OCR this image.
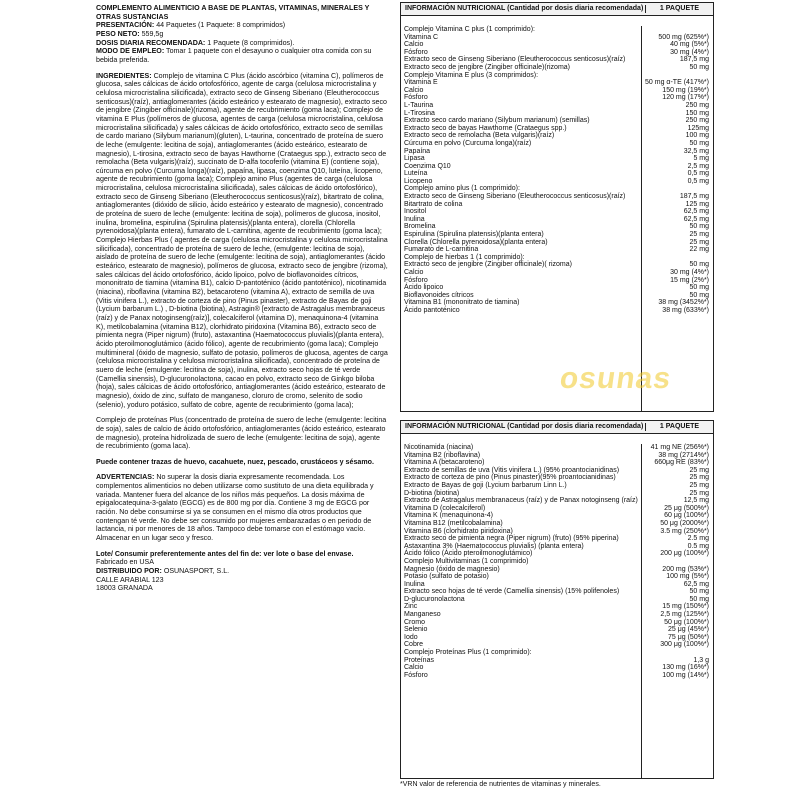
COMPLEMENTO ALIMENTICIO A BASE DE PLANTAS, VITAMINAS, MINERALES Y OTRAS SUSTANCIAS

PRESENTACIÓN: 44 Paquetes (1 Paquete: 8 comprimidos)

PESO NETO: 559,5g

DOSIS DIARIA RECOMENDADA: 1 Paquete (8 comprimidos).

MODO DE EMPLEO: Tomar 1 paquete con el desayuno o cualquier otra comida con su bebida preferida.

INGREDIENTES: Complejo de vitamina C Plus (ácido ascórbico (vitamina C), polímeros de glucosa, sales cálcicas de ácido ortofosfórico, agente de carga (celulosa microcristalina y celulosa microcristalina silicificada), extracto seco de Ginseng Siberiano (Eleutherococcus senticosus)(raíz), antiaglomerantes (ácido esteárico y estearato de magnesio), extracto seco de jengibre (Zingiber officinale)(rizoma), agente de recubrimiento (goma laca); Complejo de vitamina E Plus (polímeros de glucosa, agentes de carga (celulosa microcristalina, celulosa microcristalina silicificada) y sales cálcicas de ácido ortofosfórico, extracto seco de semillas de cardo mariano (Silybum marianum)(gluten), L-taurina, concentrado de proteína de suero de leche (emulgente: lecitina de soja), antiaglomerantes (ácido esteárico, estearato de magnesio), L-tirosina, extracto seco de bayas Hawthorne (Crataegus spp.), extracto seco de remolacha (Beta vulgaris)(raíz), succinato de D-alfa tocoferilo (vitamina E) (contiene soja), cúrcuma en polvo (Curcuma longa)(raíz), papaína, lipasa, coenzima Q10, luteína, licopeno, agente de recubrimiento (goma laca); Complejo amino Plus (agentes de carga (celulosa microcristalina, celulosa microcristalina silicificada), sales cálcicas de ácido ortofosfórico), extracto seco de Ginseng Siberiano (Eleutherococcus senticosus)(raíz), bitartrato de colina, antiaglomerantes (dióxido de silicio, ácido esteárico y estearato de magnesio), concentrado de proteína de suero de leche (emulgente: lecitina de soja), polímeros de glucosa, inositol, inulina, bromelina, espirulina (Spirulina platensis)(planta entera), clorella (Chlorella pyrenoidosa)(planta entera), fumarato de L-carnitina, agente de recubrimiento (goma laca); Complejo Hierbas Plus ( agentes de carga (celulosa microcristalina y celulosa microcristalina silicificada), concentrado de proteína de suero de leche, (emulgente: lecitina de soja), aislado de proteína de suero de leche (emulgente: lecitina de soja), antiaglomerantes (ácido esteárico, estearato de magnesio), polímeros de glucosa, extracto seco de jengibre (rizoma), sales cálcicas del ácido ortofosfórico, ácido lipoico, polvo de bioflavonoides cítricos, mononitrato de tiamina (vitamina B1), calcio D-pantoténico (ácido pantoténico), nicotinamida (niacina), riboflavina (vitamina B2), betacaroteno (vitamina A), extracto de semilla de uva (Vitis vinifera L.), extracto de corteza de pino (Pinus pinaster), extracto de Bayas de goji (Lycium barbarum L.) , D-biotina (biotina), Astragin® [extracto de Astragalus membranaceus (raíz) y de Panax notoginseng(raíz)], colecalciferol (vitamina D), menaquinona-4 (vitamina K), metilcobalamina (vitamina B12), clorhidrato piridoxina (Vitamina B6), extracto seco de pimienta negra (Piper nigrum) (fruto), astaxantina (Haematococcus pluvialis)(planta entera), ácido pteroilmonoglutámico (ácido fólico), agente de recubrimiento (goma laca); Complejo multimineral (óxido de magnesio, sulfato de potasio, polímeros de glucosa, agentes de carga (celulosa microcristalina y celulosa microcristalina silicificada), concentrado de proteína de suero de leche (emulgente: lecitina de soja), inulina, extracto seco hojas de té verde (Camellia sinensis), D-glucuronolactona, cacao en polvo, extracto seco de Ginkgo biloba (hoja), sales cálcicas de ácido ortofosfórico, antiaglomerantes (ácido esteárico, estearato de magnesio), óxido de zinc, sulfato de manganeso, cloruro de cromo, selenito de sodio (selenio), yoduro potásico, sulfato de cobre, agente de recubrimiento (goma laca);

Complejo de proteínas Plus (concentrado de proteína de suero de leche (emulgente: lecitina de soja), sales de calcio de ácido ortofosfórico, antiaglomerantes (ácido esteárico, estearato de magnesio), proteína hidrolizada de suero de leche (emulgente: lecitina de soja), agente de recubrimiento (goma laca).

Puede contener trazas de huevo, cacahuete, nuez, pescado, crustáceos y sésamo.

ADVERTENCIAS: No superar la dosis diaria expresamente recomendada. Los complementos alimenticios no deben utilizarse como sustituto de una dieta equilibrada y variada. Mantener fuera del alcance de los niños más pequeños. La dosis máxima de epigalocatequina-3-galato (EGCG) es de 800 mg por día. Contiene 3 mg de EGCG por ración. No debe consumirse si ya se consumen en el mismo día otros productos que contengan té verde. No debe ser consumido por mujeres embarazadas o en periodo de lactancia, ni por menores de 18 años. Tampoco debe tomarse con el estómago vacío. Almacenar en un lugar seco y fresco.

Lote/ Consumir preferentemente antes del fin de: ver lote o base del envase.

Fabricado en USA

DISTRIBUIDO POR: OSUNASPORT, S.L.

CALLE ARABIAL 123

18003 GRANADA

INFORMACIÓN NUTRICIONAL (Cantidad por dosis diaria recomendada)	1 PAQUETE
Complejo Vitamina C plus (1 comprimido):
Vitamina C	500 mg (625%*)
Calcio	40 mg (5%*)
Fósforo	30 mg (4%*)
Extracto seco de Ginseng Siberiano (Eleutherococcus senticosus)(raíz)	187,5 mg
Extracto seco de jengibre (Zingiber officinale)(rizoma)	50 mg
Complejo Vitamina E plus (3 comprimidos):
Vitamina E	50 mg α-TE (417%*)
Calcio	150 mg (19%*)
Fósforo	120 mg (17%*)
L-Taurina	250 mg
L-Tirosina	150 mg
Extracto seco cardo mariano (Silybum marianum) (semillas)	250 mg
Extracto seco de bayas Hawthorne (Crataegus spp.)	125mg
Extracto seco de remolacha (Beta vulgaris)(raíz)	100 mg
Cúrcuma en polvo (Curcuma longa)(raíz)	50 mg
Papaína	32,5 mg
Lipasa	5 mg
Coenzima Q10	2,5 mg
Luteína	0,5 mg
Licopeno	0,5 mg
Complejo amino plus (1 comprimido):
Extracto seco de Ginseng Siberiano (Eleutherococcus senticosus)(raíz)	187,5 mg
Bitartrato de colina	125 mg
Inositol	62,5 mg
Inulina	62,5 mg
Bromelina	50 mg
Espirulina (Spirulina platensis)(planta entera)	25 mg
Clorella (Chlorella pyrenoidosa)(planta entera)	25 mg
Fumarato de L-carnitina	22 mg
Complejo de hierbas 1 (1 comprimido):
Extracto seco de jengibre (Zingiber officinale)( rizoma)	50 mg
Calcio	30 mg (4%*)
Fósforo	15 mg (2%*)
Ácido lipoico	50 mg
Bioflavonoides cítricos	50 mg
Vitamina B1 (mononitrato de tiamina)	38 mg (3452%*)
Ácido pantoténico	38 mg (633%*)
osunas
INFORMACIÓN NUTRICIONAL (Cantidad por dosis diaria recomendada)	1 PAQUETE
Nicotinamida (niacina)	41 mg NE (256%*)
Vitamina B2 (riboflavina)	38 mg (2714%*)
Vitamina A (betacaroteno)	660μg RE (83%*)
Extracto de semillas de uva (Vitis vinifera L.) (95% proantocianidinas)	25 mg
Extracto de corteza de pino (Pinus pinaster)(95% proantocianidinas)	25 mg
Extracto de Bayas de goji (Lycium barbarum Linn L.)	25 mg
D-biotina (biotina)	25 mg
Extracto de Astragalus membranaceus (raíz) y de Panax notoginseng (raíz)	12,5 mg
Vitamina D (colecalciferol)	25 μg (500%*)
Vitamina K (menaquinona-4)	60 μg (100%*)
Vitamina B12 (metilcobalamina)	50 μg (2000%*)
Vitamina B6 (clorhidrato piridoxina)	3.5 mg (250%*)
Extracto seco de pimienta negra (Piper nigrum) (fruto) (95% piperina)	2.5 mg
Astaxantina 3% (Haematococcus pluvialis) (planta entera)	0.5 mg
Ácido fólico (Ácido pteroilmonoglutámico)	200 μg (100%*)
Complejo Multivitaminas (1 comprimido)
Magnesio (óxido de magnesio)	200 mg (53%*)
Potasio (sulfato de potasio)	100 mg (5%*)
Inulina	62,5 mg
Extracto seco hojas de té verde (Camellia sinensis) (15% polifenoles)	50 mg
D-glucuronolactona	50 mg
Zinc	15 mg (150%*)
Manganeso	2,5 mg (125%*)
Cromo	50 μg (100%*)
Selenio	25 μg (45%*)
Iodo	75 μg (50%*)
Cobre	300 μg (100%*)
Complejo Proteínas Plus (1 comprimido):
Proteínas	1,3 g
Calcio	130 mg (16%*)
Fósforo	100 mg (14%*)
*VRN valor de referencia de nutrientes de vitaminas y minerales.
